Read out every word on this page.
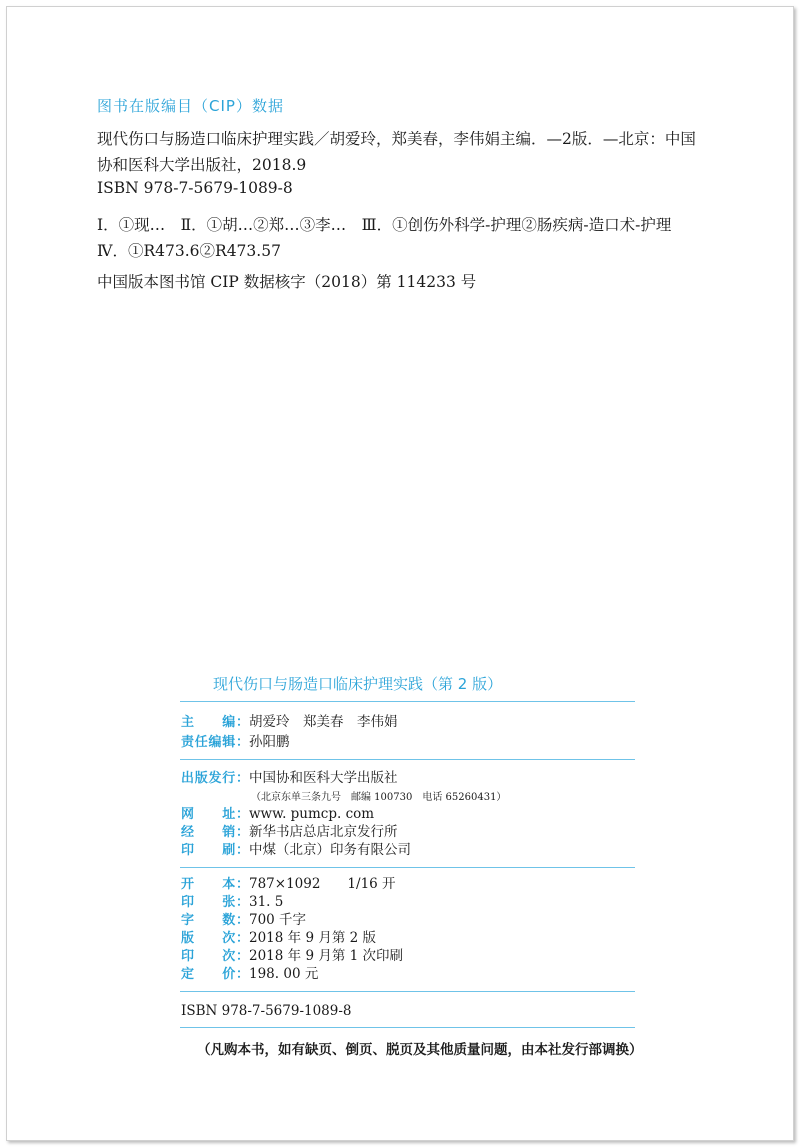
图书在版编目（CIP）数据
现代伤口与肠造口临床护理实践／胡爱玲，郑美春，李伟娟主编．—2版．—北京：中国
协和医科大学出版社，2018.9
ISBN 978-7-5679-1089-8
Ⅰ．①现…　Ⅱ．①胡…②郑…③李…　Ⅲ．①创伤外科学-护理②肠疾病-造口术-护理
Ⅳ．①R473.6②R473.57
中国版本图书馆 CIP 数据核字（2018）第 114233 号
现代伤口与肠造口临床护理实践（第 2 版）
主　　编：胡爱玲　郑美春　李伟娟
责任编辑：孙阳鹏
出版发行：中国协和医科大学出版社
（北京东单三条九号　邮编 100730　电话 65260431）
网　　址：www. pumcp. com
经　　销：新华书店总店北京发行所
印　　刷：中煤（北京）印务有限公司
开　　本：787×1092　　1/16 开
印　　张：31. 5
字　　数：700 千字
版　　次：2018 年 9 月第 2 版
印　　次：2018 年 9 月第 1 次印刷
定　　价：198. 00 元
ISBN 978-7-5679-1089-8
（凡购本书，如有缺页、倒页、脱页及其他质量问题，由本社发行部调换）
